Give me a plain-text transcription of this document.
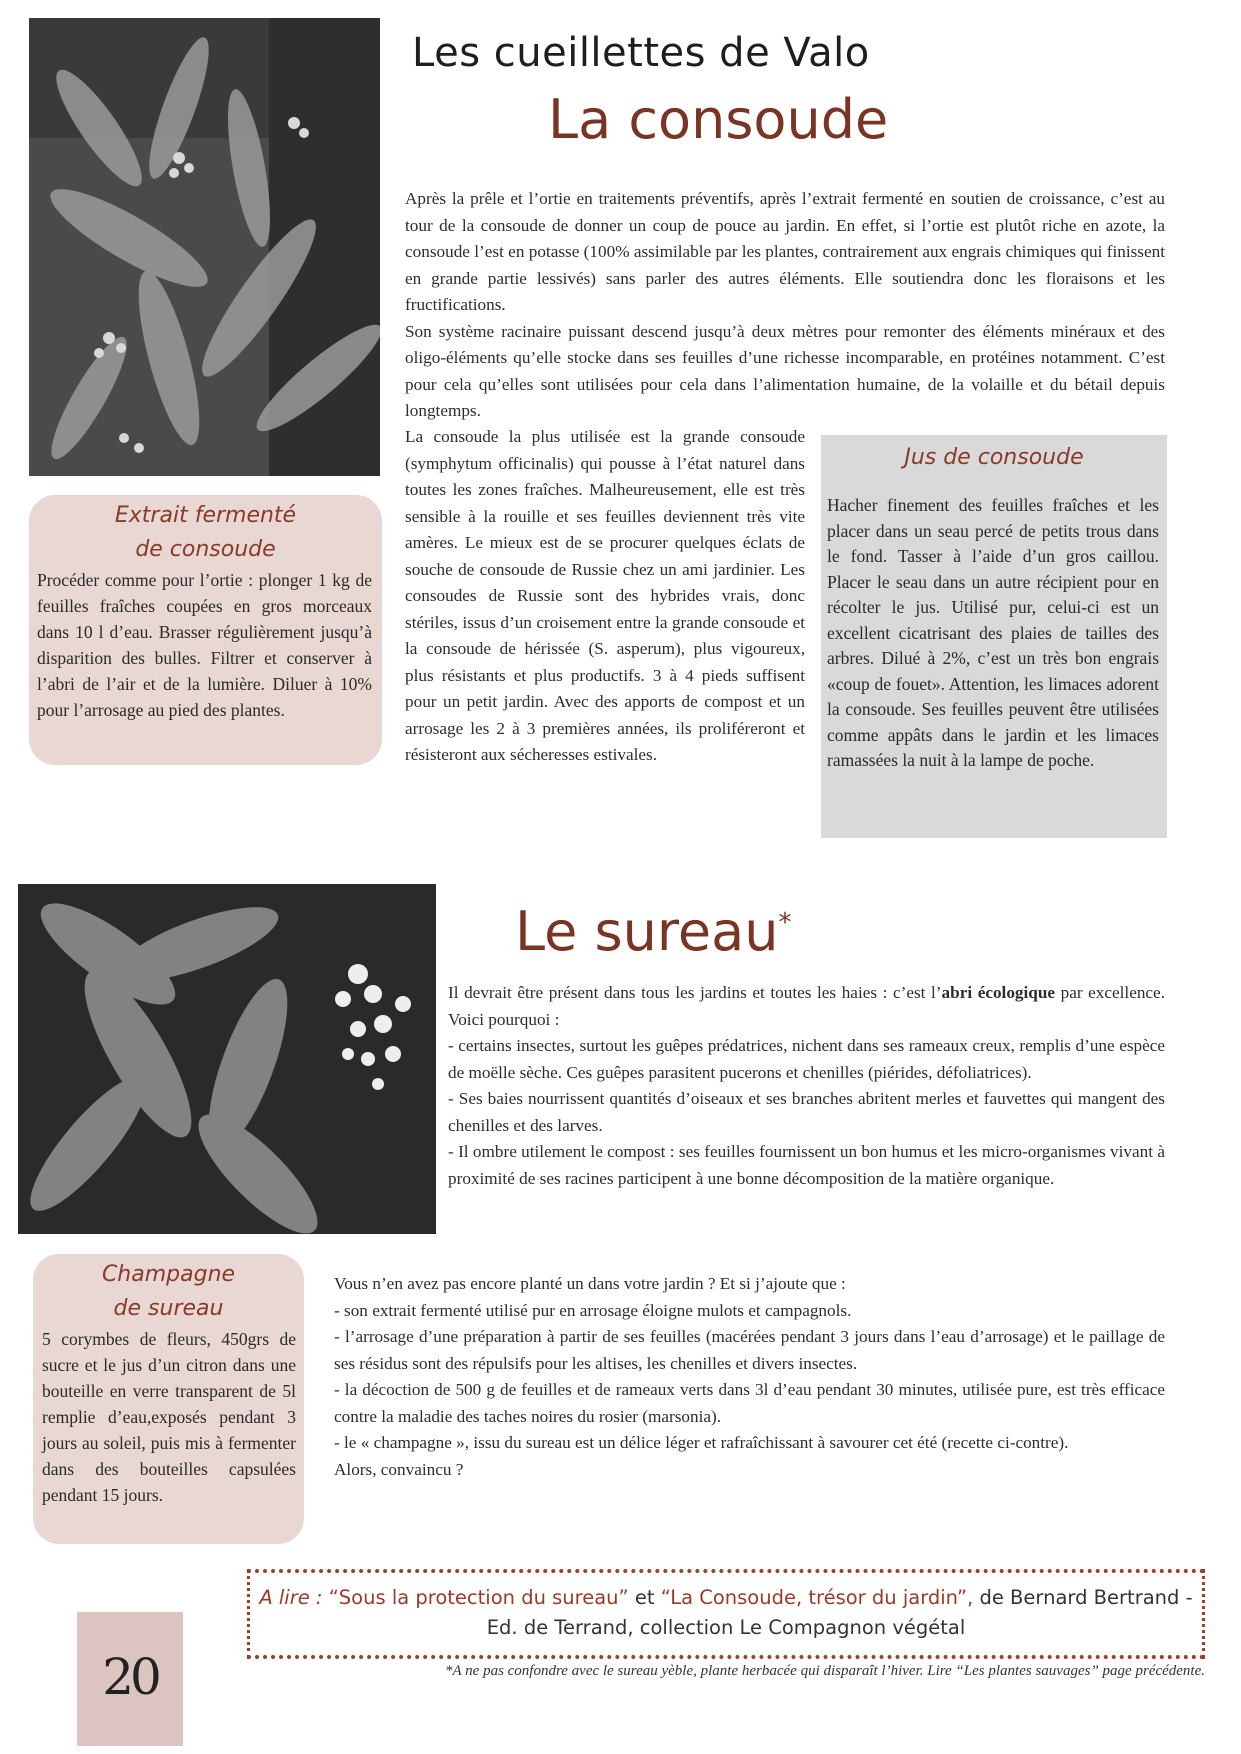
Les cueillettes de Valo
La consoude

Après la prêle et l’ortie en traitements préventifs, après l’extrait fermenté en soutien de croissance, c’est au tour de la consoude de donner un coup de pouce au jardin. En effet, si l’ortie est plutôt riche en azote, la consoude l’est en potasse (100% assimilable par les plantes, contrairement aux engrais chimiques qui finissent en grande partie lessivés) sans parler des autres éléments. Elle soutiendra donc les floraisons et les fructifications.

Son système racinaire puissant descend jusqu’à deux mètres pour remonter des éléments minéraux et des oligo-éléments qu’elle stocke dans ses feuilles d’une richesse incomparable, en protéines notamment. C’est pour cela qu’elles sont utilisées pour cela dans l’alimentation humaine, de la volaille et du bétail depuis longtemps.

La consoude la plus utilisée est la grande consoude (symphytum officinalis) qui pousse à l’état naturel dans toutes les zones fraîches. Malheureusement, elle est très sensible à la rouille et ses feuilles deviennent très vite amères. Le mieux est de se procurer quelques éclats de souche de consoude de Russie chez un ami jardinier. Les consoudes de Russie sont des hybrides vrais, donc stériles, issus d’un croisement entre la grande consoude et la consoude de hérissée (S. asperum), plus vigoureux, plus résistants et plus productifs. 3 à 4 pieds suffisent pour un petit jardin. Avec des apports de compost et un arrosage les 2 à 3 premières années, ils proliféreront et résisteront aux sécheresses estivales.

Extrait fermenté
de consoude
Procéder comme pour l’ortie : plonger 1 kg de feuilles fraîches coupées en gros morceaux dans 10 l d’eau. Brasser régulièrement jusqu’à disparition des bulles. Filtrer et conserver à l’abri de l’air et de la lumière. Diluer à 10% pour l’arrosage au pied des plantes.
Jus de consoude
Hacher finement des feuilles fraîches et les placer dans un seau percé de petits trous dans le fond. Tasser à l’aide d’un gros caillou. Placer le seau dans un autre récipient pour en récolter le jus. Utilisé pur, celui-ci est un excellent cicatrisant des plaies de tailles des arbres. Dilué à 2%, c’est un très bon engrais «coup de fouet». Attention, les limaces adorent la consoude. Ses feuilles peuvent être utilisées comme appâts dans le jardin et les limaces ramassées la nuit à la lampe de poche.
Le sureau*

Il devrait être présent dans tous les jardins et toutes les haies : c’est l’abri écologique par excellence. Voici pourquoi :

- certains insectes, surtout les guêpes prédatrices, nichent dans ses rameaux creux, remplis d’une espèce de moëlle sèche. Ces guêpes parasitent pucerons et chenilles (piérides, défoliatrices).

- Ses baies nourrissent quantités d’oiseaux et ses branches abritent merles et fauvettes qui mangent des chenilles et des larves.

- Il ombre utilement le compost : ses feuilles fournissent un bon humus et les micro-organismes vivant à proximité de ses racines participent à une bonne décomposition de la matière organique.

Champagne
de sureau
5 corymbes de fleurs, 450grs de sucre et le jus d’un citron dans une bouteille en verre transparent de 5l remplie d’eau,exposés pendant 3 jours au soleil, puis mis à fermenter dans des bouteilles capsulées pendant 15 jours.

Vous n’en avez pas encore planté un dans votre jardin ? Et si j’ajoute que :

- son extrait fermenté utilisé pur en arrosage éloigne mulots et campagnols.

- l’arrosage d’une préparation à partir de ses feuilles (macérées pendant 3 jours dans l’eau d’arrosage) et le paillage de ses résidus sont des répulsifs pour les altises, les chenilles et divers insectes.

- la décoction de 500 g de feuilles et de rameaux verts dans 3l d’eau pendant 30 minutes, utilisée pure, est très efficace contre la maladie des taches noires du rosier (marsonia).

- le « champagne », issu du sureau est un délice léger et rafraîchissant à savourer cet été (recette ci-contre).

Alors, convaincu ?

A lire : “Sous la protection du sureau” et “La Consoude, trésor du jardin”, de Bernard Bertrand - Ed. de Terrand, collection Le Compagnon végétal
*A ne pas confondre avec le sureau yèble, plante herbacée qui disparaît l’hiver. Lire “Les plantes sauvages” page précédente.
20
